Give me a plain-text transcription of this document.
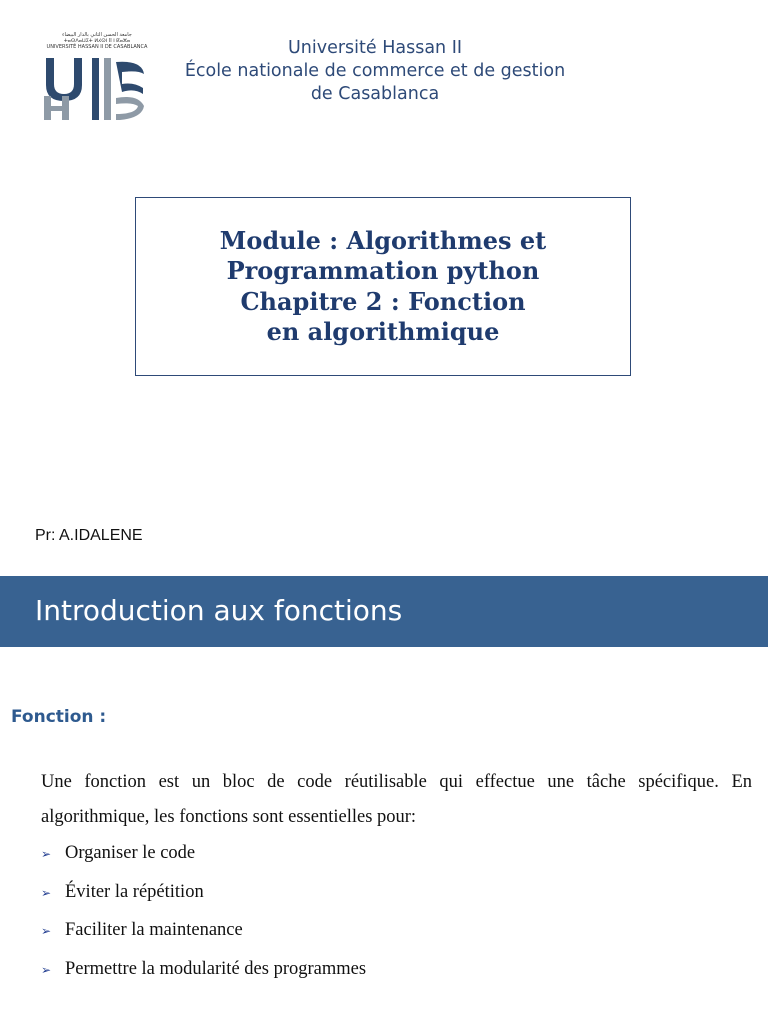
جامعة الحسن الثاني بالدار البيضاء
ⵜⴰⵙⴷⴰⵡⵉⵜ ⵍⵃⵙⵏ II ⵏ ⴽⴰⵣⴰ
UNIVERSITÉ HASSAN II DE CASABLANCA	Université Hassan II
École nationale de commerce et de gestion
de Casablanca
Module : Algorithmes et
Programmation python
Chapitre 2 : Fonction
en algorithmique
Pr: A.IDALENE
Introduction aux fonctions
Fonction :
Une fonction est un bloc de code réutilisable qui effectue une tâche spécifique. En algorithmique, les fonctions sont essentielles pour:
➢ Organiser le code
➢ Éviter la répétition
➢ Faciliter la maintenance
➢ Permettre la modularité des programmes
